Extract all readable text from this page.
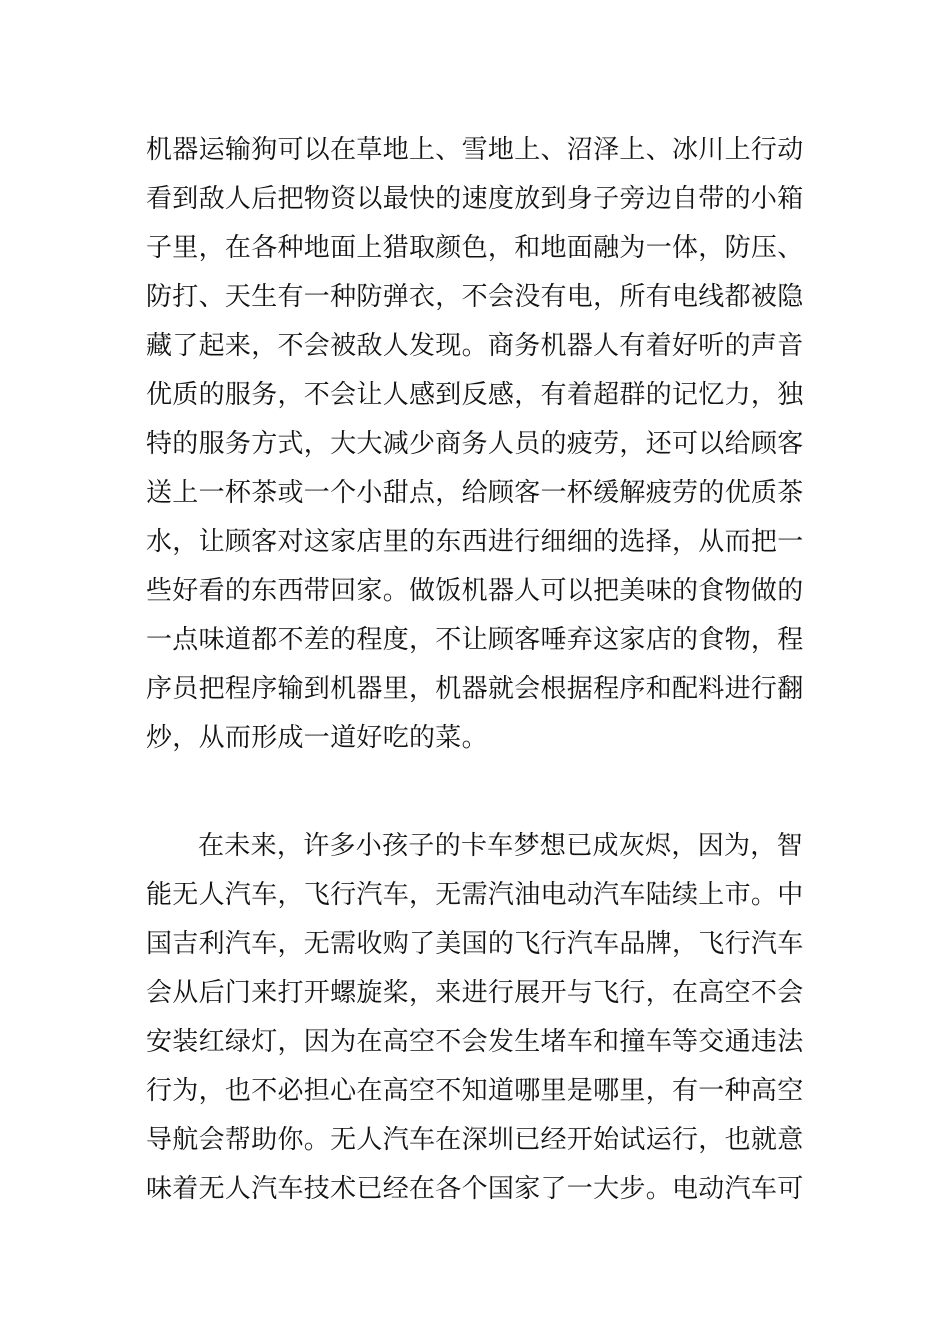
机器运输狗可以在草地上、雪地上、沼泽上、冰川上行动
看到敌人后把物资以最快的速度放到身子旁边自带的小箱
子里，在各种地面上猎取颜色，和地面融为一体，防压、
防打、天生有一种防弹衣，不会没有电，所有电线都被隐
藏了起来，不会被敌人发现。商务机器人有着好听的声音
优质的服务，不会让人感到反感，有着超群的记忆力，独
特的服务方式，大大减少商务人员的疲劳，还可以给顾客
送上一杯茶或一个小甜点，给顾客一杯缓解疲劳的优质茶
水，让顾客对这家店里的东西进行细细的选择，从而把一
些好看的东西带回家。做饭机器人可以把美味的食物做的
一点味道都不差的程度，不让顾客唾弃这家店的食物，程
序员把程序输到机器里，机器就会根据程序和配料进行翻
炒，从而形成一道好吃的菜。
在未来，许多小孩子的卡车梦想已成灰烬，因为，智
能无人汽车，飞行汽车，无需汽油电动汽车陆续上市。中
国吉利汽车，无需收购了美国的飞行汽车品牌，飞行汽车
会从后门来打开螺旋桨，来进行展开与飞行，在高空不会
安装红绿灯，因为在高空不会发生堵车和撞车等交通违法
行为，也不必担心在高空不知道哪里是哪里，有一种高空
导航会帮助你。无人汽车在深圳已经开始试运行，也就意
味着无人汽车技术已经在各个国家了一大步。电动汽车可
